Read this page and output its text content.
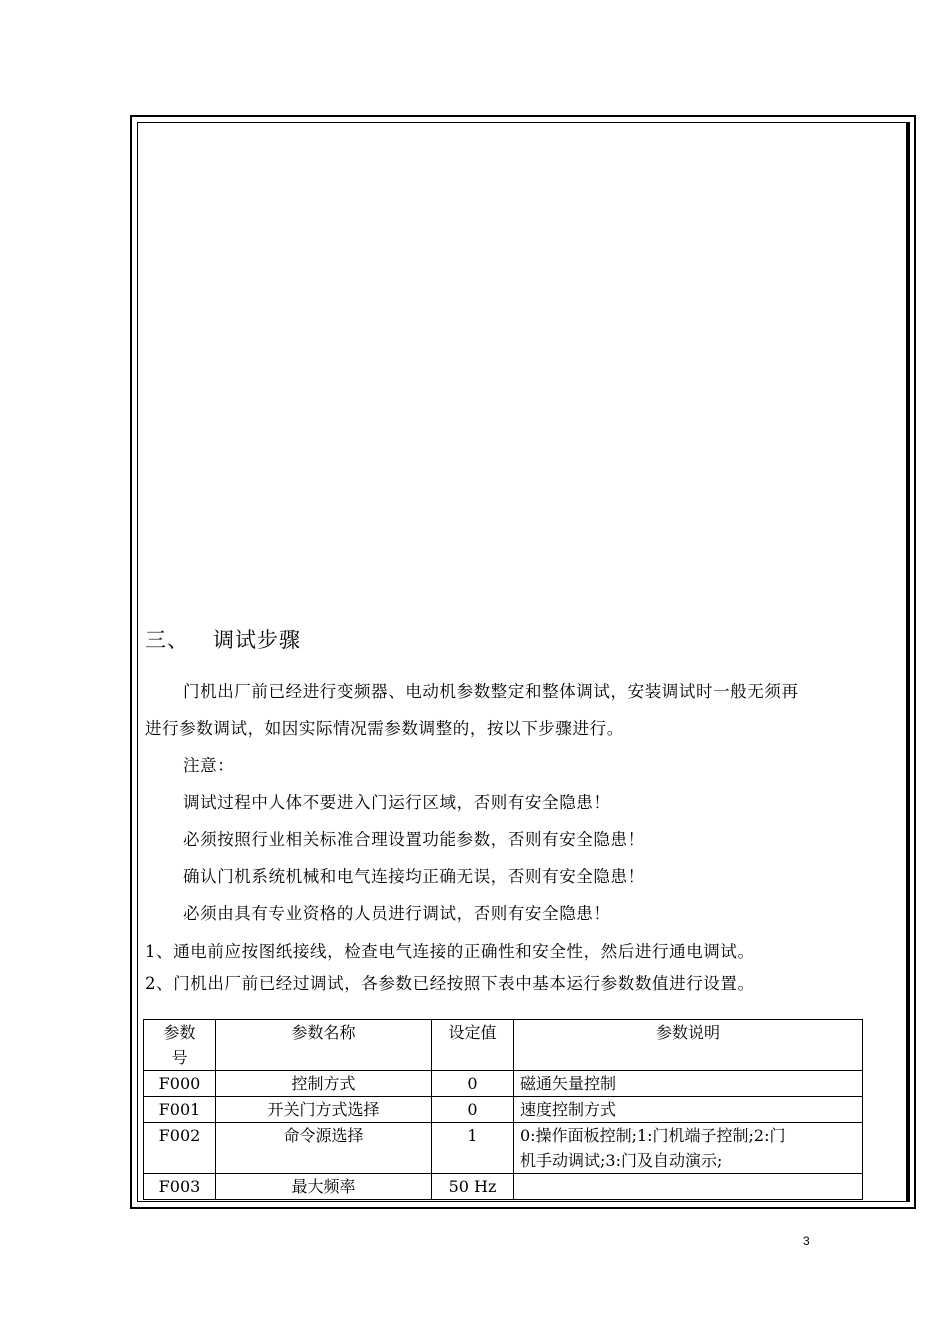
三、 调试步骤
门机出厂前已经进行变频器、电动机参数整定和整体调试，安装调试时一般无须再
进行参数调试，如因实际情况需参数调整的，按以下步骤进行。
注意：
调试过程中人体不要进入门运行区域，否则有安全隐患！
必须按照行业相关标准合理设置功能参数，否则有安全隐患！
确认门机系统机械和电气连接均正确无误，否则有安全隐患！
必须由具有专业资格的人员进行调试，否则有安全隐患！
1、通电前应按图纸接线，检查电气连接的正确性和安全性，然后进行通电调试。
2、门机出厂前已经过调试，各参数已经按照下表中基本运行参数数值进行设置。
参数
号	参数名称	设定值	参数说明
F000	控制方式	0	磁通矢量控制
F001	开关门方式选择	0	速度控制方式
F002	命令源选择	1	0:操作面板控制;1:门机端子控制;2:门
机手动调试;3:门及自动演示;

F003	最大频率	50 Hz	
3
